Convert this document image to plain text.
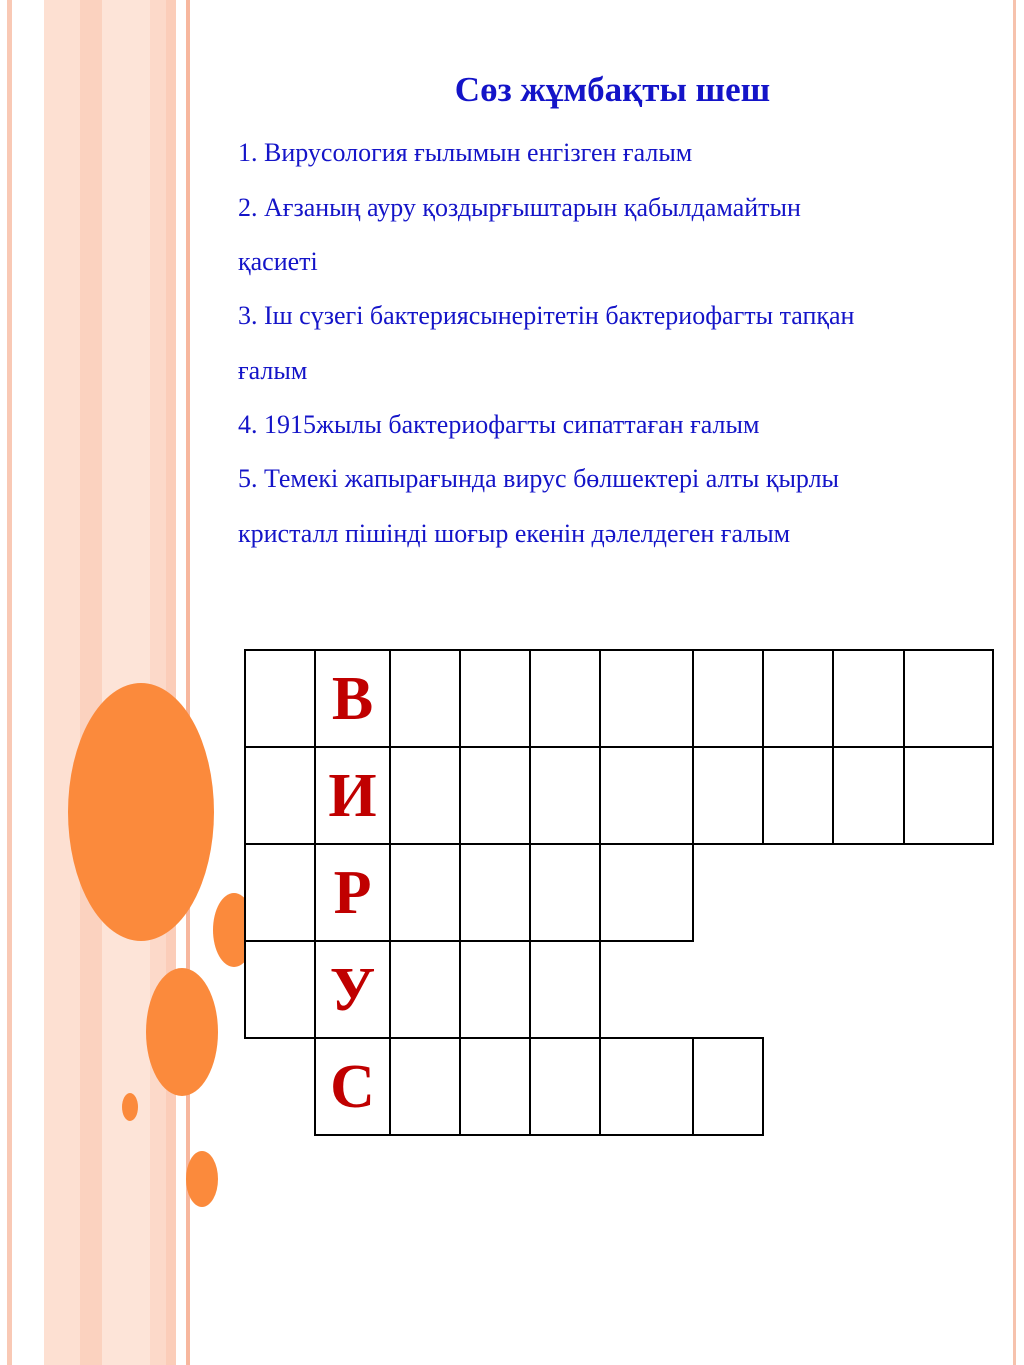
Сөз жұмбақты шеш
1. Вирусология ғылымын енгізген ғалым
2. Ағзаның ауру қоздырғыштарын қабылдамайтын
қасиеті
3. Іш сүзегі бактериясынерітетін бактериофагты тапқан
ғалым
4. 1915жылы бактериофагты сипаттаған ғалым
5. Темекі жапырағында вирус бөлшектері алты қырлы
кристалл пішінді шоғыр екенін дәлелдеген ғалым
В
И
Р
У
С
